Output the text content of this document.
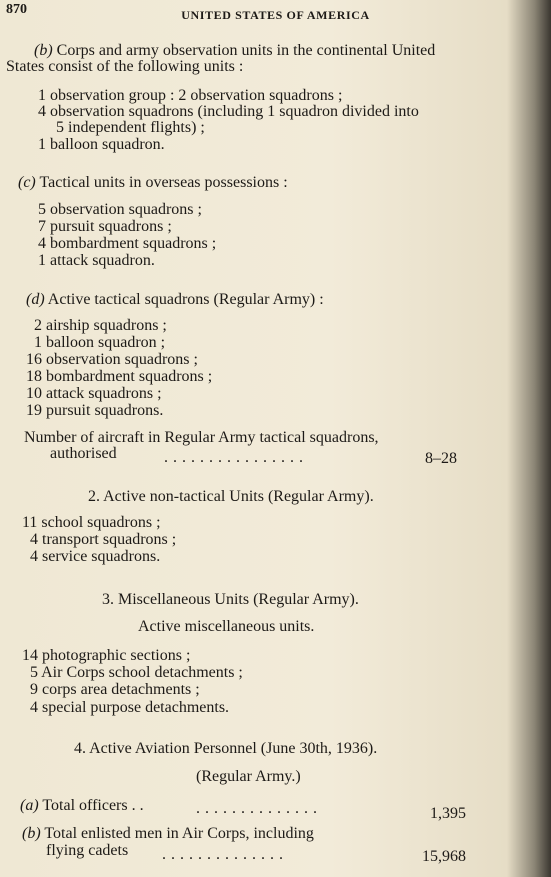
870	UNITED STATES OF AMERICA
(b) Corps and army observation units in the continental United
States consist of the following units :
1 observation group : 2 observation squadrons ;
4 observation squadrons (including 1 squadron divided into
5 independent flights) ;
1 balloon squadron.
(c) Tactical units in overseas possessions :
5 observation squadrons ;
7 pursuit squadrons ;
4 bombardment squadrons ;
1 attack squadron.
(d) Active tactical squadrons (Regular Army) :
2 airship squadrons ;
1 balloon squadron ;
16 observation squadrons ;
18 bombardment squadrons ;
10 attack squadrons ;
19 pursuit squadrons.
Number of aircraft in Regular Army tactical squadrons,
authorised	. . . . . . . . . . . . . . . .	8–28
2. Active non-tactical Units (Regular Army).
11 school squadrons ;
4 transport squadrons ;
4 service squadrons.
3. Miscellaneous Units (Regular Army).
Active miscellaneous units.
14 photographic sections ;
5 Air Corps school detachments ;
9 corps area detachments ;
4 special purpose detachments.
4. Active Aviation Personnel (June 30th, 1936).
(Regular Army.)
(a) Total officers . .	. . . . . . . . . . . . . .	1,395
(b) Total enlisted men in Air Corps, including
flying cadets . . . . . . . . . . . . . .	15,968
